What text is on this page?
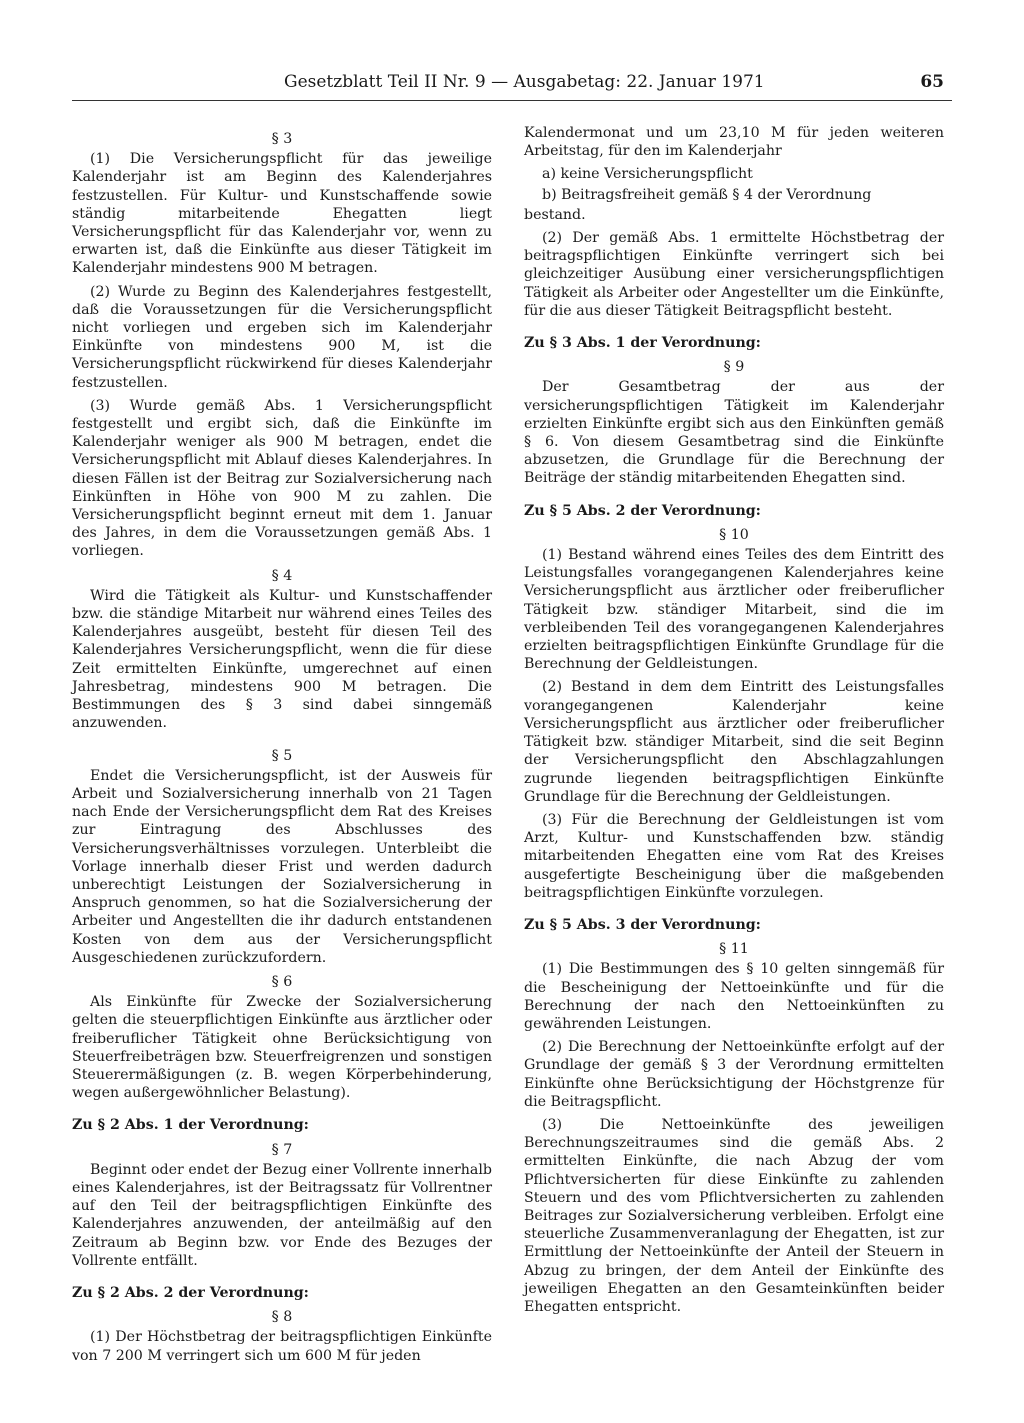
Gesetzblatt Teil II Nr. 9 — Ausgabetag: 22. Januar 1971	65
§ 3

(1) Die Versicherungspflicht für das jeweilige Kalenderjahr ist am Beginn des Kalenderjahres festzustellen. Für Kultur- und Kunstschaffende sowie ständig mitarbeitende Ehegatten liegt Versicherungspflicht für das Kalenderjahr vor, wenn zu erwarten ist, daß die Einkünfte aus dieser Tätigkeit im Kalenderjahr mindestens 900 M betragen.

(2) Wurde zu Beginn des Kalenderjahres festgestellt, daß die Voraussetzungen für die Versicherungspflicht nicht vorliegen und ergeben sich im Kalenderjahr Einkünfte von mindestens 900 M, ist die Versicherungspflicht rückwirkend für dieses Kalenderjahr festzustellen.

(3) Wurde gemäß Abs. 1 Versicherungspflicht festgestellt und ergibt sich, daß die Einkünfte im Kalenderjahr weniger als 900 M betragen, endet die Versicherungspflicht mit Ablauf dieses Kalenderjahres. In diesen Fällen ist der Beitrag zur Sozialversicherung nach Einkünften in Höhe von 900 M zu zahlen. Die Versicherungspflicht beginnt erneut mit dem 1. Januar des Jahres, in dem die Voraussetzungen gemäß Abs. 1 vorliegen.

§ 4

Wird die Tätigkeit als Kultur- und Kunstschaffender bzw. die ständige Mitarbeit nur während eines Teiles des Kalenderjahres ausgeübt, besteht für diesen Teil des Kalenderjahres Versicherungspflicht, wenn die für diese Zeit ermittelten Einkünfte, umgerechnet auf einen Jahresbetrag, mindestens 900 M betragen. Die Bestimmungen des § 3 sind dabei sinngemäß anzuwenden.

§ 5

Endet die Versicherungspflicht, ist der Ausweis für Arbeit und Sozialversicherung innerhalb von 21 Tagen nach Ende der Versicherungspflicht dem Rat des Kreises zur Eintragung des Abschlusses des Versicherungsverhältnisses vorzulegen. Unterbleibt die Vorlage innerhalb dieser Frist und werden dadurch unberechtigt Leistungen der Sozialversicherung in Anspruch genommen, so hat die Sozialversicherung der Arbeiter und Angestellten die ihr dadurch entstandenen Kosten von dem aus der Versicherungspflicht Ausgeschiedenen zurückzufordern.

§ 6

Als Einkünfte für Zwecke der Sozialversicherung gelten die steuerpflichtigen Einkünfte aus ärztlicher oder freiberuflicher Tätigkeit ohne Berücksichtigung von Steuerfreibeträgen bzw. Steuerfreigrenzen und sonstigen Steuerermäßigungen (z. B. wegen Körperbehinderung, wegen außergewöhnlicher Belastung).

Zu § 2 Abs. 1 der Verordnung:

§ 7

Beginnt oder endet der Bezug einer Vollrente innerhalb eines Kalenderjahres, ist der Beitragssatz für Vollrentner auf den Teil der beitragspflichtigen Einkünfte des Kalenderjahres anzuwenden, der anteilmäßig auf den Zeitraum ab Beginn bzw. vor Ende des Bezuges der Vollrente entfällt.

Zu § 2 Abs. 2 der Verordnung:

§ 8

(1) Der Höchstbetrag der beitragspflichtigen Einkünfte von 7 200 M verringert sich um 600 M für jeden

Kalendermonat und um 23,10 M für jeden weiteren Arbeitstag, für den im Kalenderjahr

a) keine Versicherungspflicht

b) Beitragsfreiheit gemäß § 4 der Verordnung

bestand.

(2) Der gemäß Abs. 1 ermittelte Höchstbetrag der beitragspflichtigen Einkünfte verringert sich bei gleichzeitiger Ausübung einer versicherungspflichtigen Tätigkeit als Arbeiter oder Angestellter um die Einkünfte, für die aus dieser Tätigkeit Beitragspflicht besteht.

Zu § 3 Abs. 1 der Verordnung:

§ 9

Der Gesamtbetrag der aus der versicherungspflichtigen Tätigkeit im Kalenderjahr erzielten Einkünfte ergibt sich aus den Einkünften gemäß § 6. Von diesem Gesamtbetrag sind die Einkünfte abzusetzen, die Grundlage für die Berechnung der Beiträge der ständig mitarbeitenden Ehegatten sind.

Zu § 5 Abs. 2 der Verordnung:

§ 10

(1) Bestand während eines Teiles des dem Eintritt des Leistungsfalles vorangegangenen Kalenderjahres keine Versicherungspflicht aus ärztlicher oder freiberuflicher Tätigkeit bzw. ständiger Mitarbeit, sind die im verbleibenden Teil des vorangegangenen Kalenderjahres erzielten beitragspflichtigen Einkünfte Grundlage für die Berechnung der Geldleistungen.

(2) Bestand in dem dem Eintritt des Leistungsfalles vorangegangenen Kalenderjahr keine Versicherungspflicht aus ärztlicher oder freiberuflicher Tätigkeit bzw. ständiger Mitarbeit, sind die seit Beginn der Versicherungspflicht den Abschlagzahlungen zugrunde liegenden beitragspflichtigen Einkünfte Grundlage für die Berechnung der Geldleistungen.

(3) Für die Berechnung der Geldleistungen ist vom Arzt, Kultur- und Kunstschaffenden bzw. ständig mitarbeitenden Ehegatten eine vom Rat des Kreises ausgefertigte Bescheinigung über die maßgebenden beitragspflichtigen Einkünfte vorzulegen.

Zu § 5 Abs. 3 der Verordnung:

§ 11

(1) Die Bestimmungen des § 10 gelten sinngemäß für die Bescheinigung der Nettoeinkünfte und für die Berechnung der nach den Nettoeinkünften zu gewährenden Leistungen.

(2) Die Berechnung der Nettoeinkünfte erfolgt auf der Grundlage der gemäß § 3 der Verordnung ermittelten Einkünfte ohne Berücksichtigung der Höchstgrenze für die Beitragspflicht.

(3) Die Nettoeinkünfte des jeweiligen Berechnungszeitraumes sind die gemäß Abs. 2 ermittelten Einkünfte, die nach Abzug der vom Pflichtversicherten für diese Einkünfte zu zahlenden Steuern und des vom Pflichtversicherten zu zahlenden Beitrages zur Sozialversicherung verbleiben. Erfolgt eine steuerliche Zusammenveranlagung der Ehegatten, ist zur Ermittlung der Nettoeinkünfte der Anteil der Steuern in Abzug zu bringen, der dem Anteil der Einkünfte des jeweiligen Ehegatten an den Gesamteinkünften beider Ehegatten entspricht.
